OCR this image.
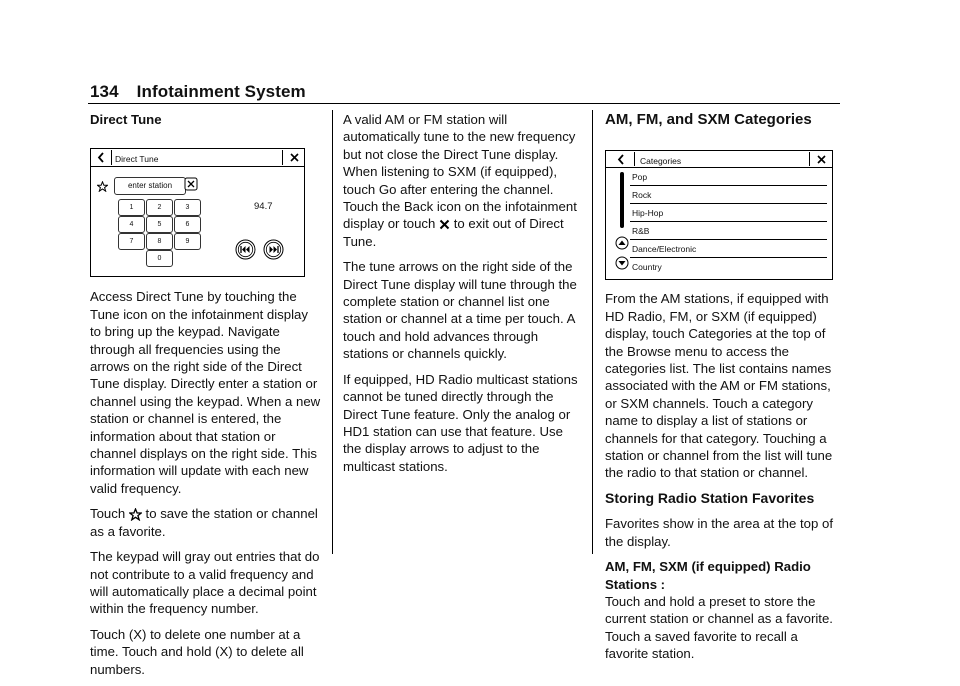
134 Infotainment System
Direct Tune
Direct Tune
enter station
1	2	3
4	5	6
7	8	9
0
94.7

Access Direct Tune by touching the Tune icon on the infotainment display to bring up the keypad. Navigate through all frequencies using the arrows on the right side of the Direct Tune display. Directly enter a station or channel using the keypad. When a new station or channel is entered, the information about that station or channel displays on the right side. This information will update with each new valid frequency.

Touch to save the station or channel as a favorite.

The keypad will gray out entries that do not contribute to a valid frequency and will automatically place a decimal point within the frequency number.

Touch (X) to delete one number at a time. Touch and hold (X) to delete all numbers.

A valid AM or FM station will automatically tune to the new frequency but not close the Direct Tune display. When listening to SXM (if equipped), touch Go after entering the channel. Touch the Back icon on the infotainment display or touch to exit out of Direct Tune.

The tune arrows on the right side of the Direct Tune display will tune through the complete station or channel list one station or channel at a time per touch. A touch and hold advances through stations or channels quickly.

If equipped, HD Radio multicast stations cannot be tuned directly through the Direct Tune feature. Only the analog or HD1 station can use that feature. Use the display arrows to adjust to the multicast stations.

AM, FM, and SXM Categories
Categories
Pop
Rock
Hip-Hop
R&B
Dance/Electronic
Country

From the AM stations, if equipped with HD Radio, FM, or SXM (if equipped) display, touch Categories at the top of the Browse menu to access the categories list. The list contains names associated with the AM or FM stations, or SXM channels. Touch a category name to display a list of stations or channels for that category. Touching a station or channel from the list will tune the radio to that station or channel.

Storing Radio Station Favorites

Favorites show in the area at the top of the display.

AM, FM, SXM (if equipped) Radio Stations :

Touch and hold a preset to store the current station or channel as a favorite. Touch a saved favorite to recall a favorite station.
